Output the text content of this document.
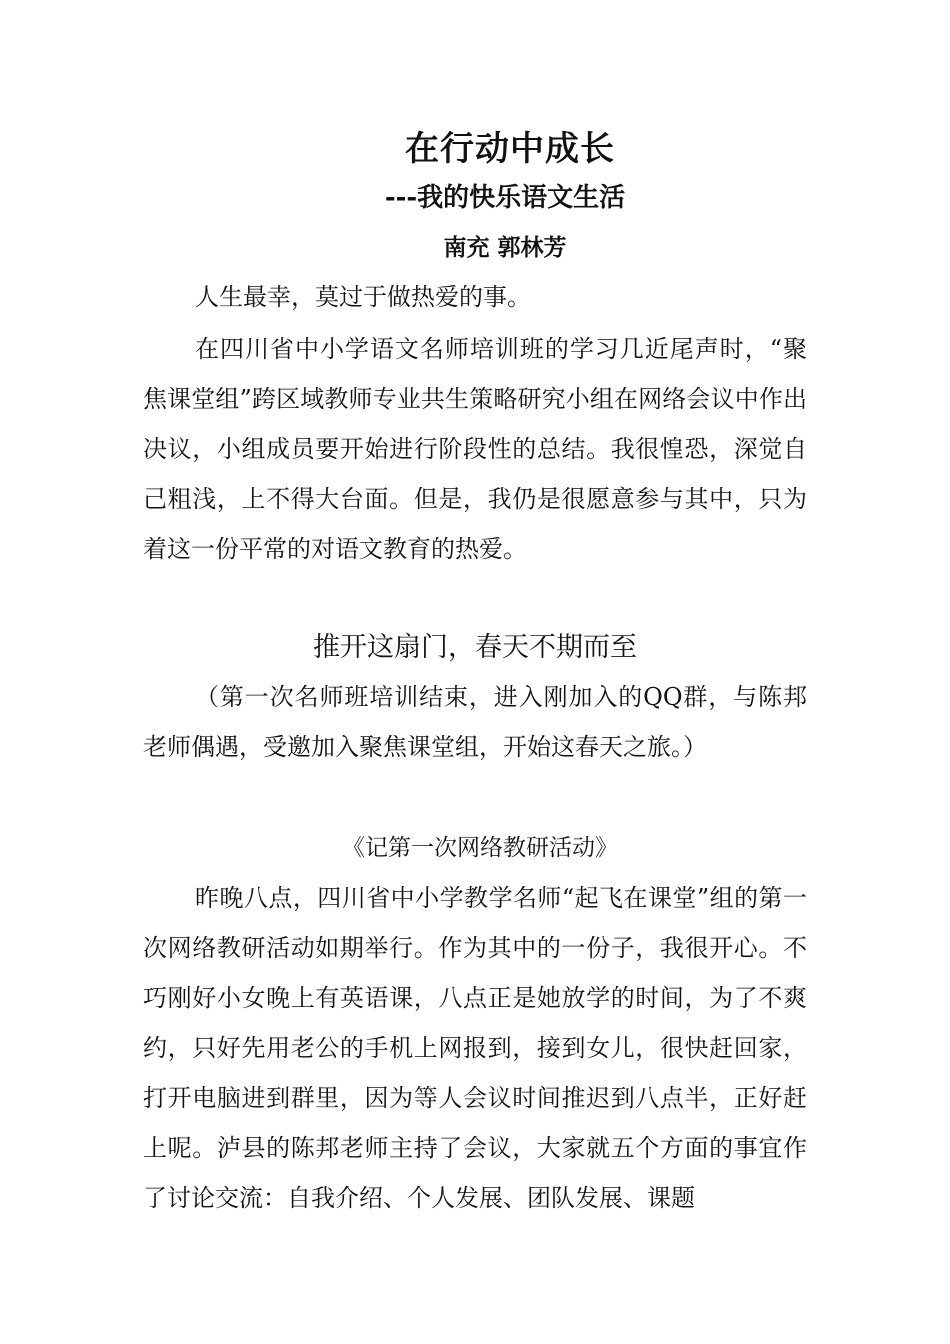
在行动中成长
---我的快乐语文生活
南充 郭林芳

人生最幸，莫过于做热爱的事。

在四川省中小学语文名师培训班的学习几近尾声时，“聚焦课堂组”跨区域教师专业共生策略研究小组在网络会议中作出决议，小组成员要开始进行阶段性的总结。我很惶恐，深觉自己粗浅，上不得大台面。但是，我仍是很愿意参与其中，只为着这一份平常的对语文教育的热爱。

推开这扇门，春天不期而至

（第一次名师班培训结束，进入刚加入的QQ群，与陈邦老师偶遇，受邀加入聚焦课堂组，开始这春天之旅。）

《记第一次网络教研活动》

昨晚八点，四川省中小学教学名师“起飞在课堂”组的第一次网络教研活动如期举行。作为其中的一份子，我很开心。不巧刚好小女晚上有英语课，八点正是她放学的时间，为了不爽约，只好先用老公的手机上网报到，接到女儿，很快赶回家，打开电脑进到群里，因为等人会议时间推迟到八点半，正好赶上呢。泸县的陈邦老师主持了会议，大家就五个方面的事宜作了讨论交流：自我介绍、个人发展、团队发展、课题
